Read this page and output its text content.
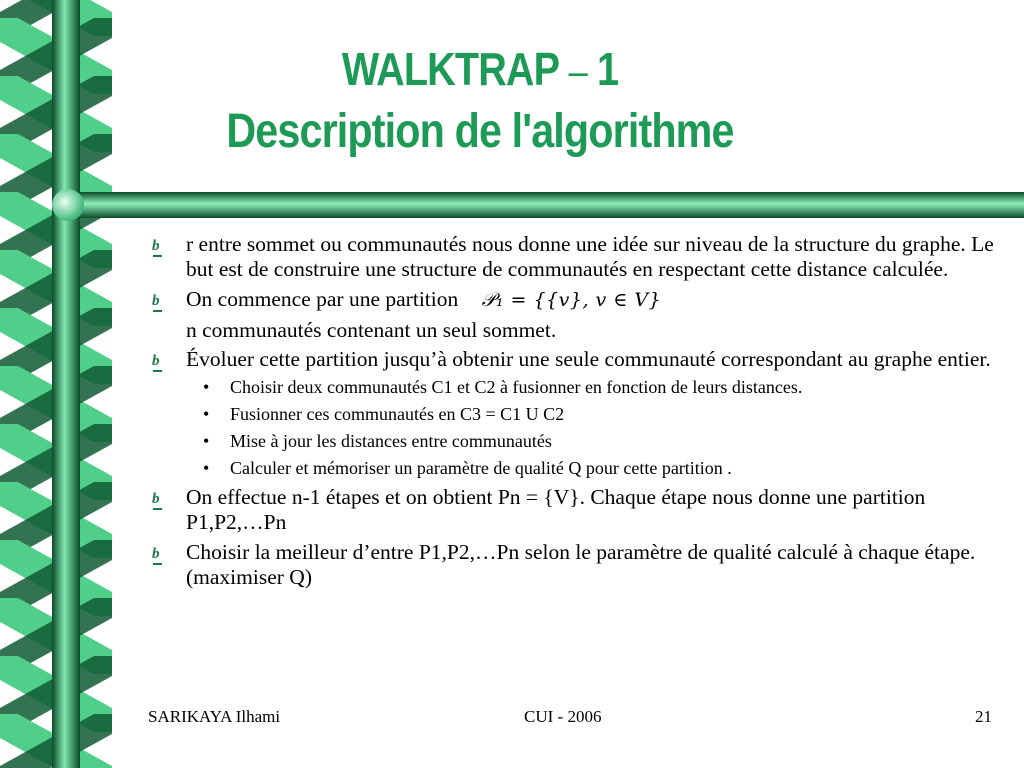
WALKTRAP – 1
Description de l'algorithme
b r entre sommet ou communautés nous donne une idée sur niveau de la structure du graphe. Le but est de construire une structure de communautés en respectant cette distance calculée.
b On commence par une partition 𝒫₁ = {{v}, v ∈ V}
n communautés contenant un seul sommet.
b Évoluer cette partition jusqu’à obtenir une seule communauté correspondant au graphe entier.
• Choisir deux communautés C1 et C2 à fusionner en fonction de leurs distances.
• Fusionner ces communautés en C3 = C1 U C2
• Mise à jour les distances entre communautés
• Calculer et mémoriser un paramètre de qualité Q pour cette partition .
b On effectue n-1 étapes et on obtient Pn = {V}. Chaque étape nous donne une partition P1,P2,…Pn
b Choisir la meilleur d’entre P1,P2,…Pn selon le paramètre de qualité calculé à chaque étape.(maximiser Q)
SARIKAYA Ilhami	CUI - 2006	21
